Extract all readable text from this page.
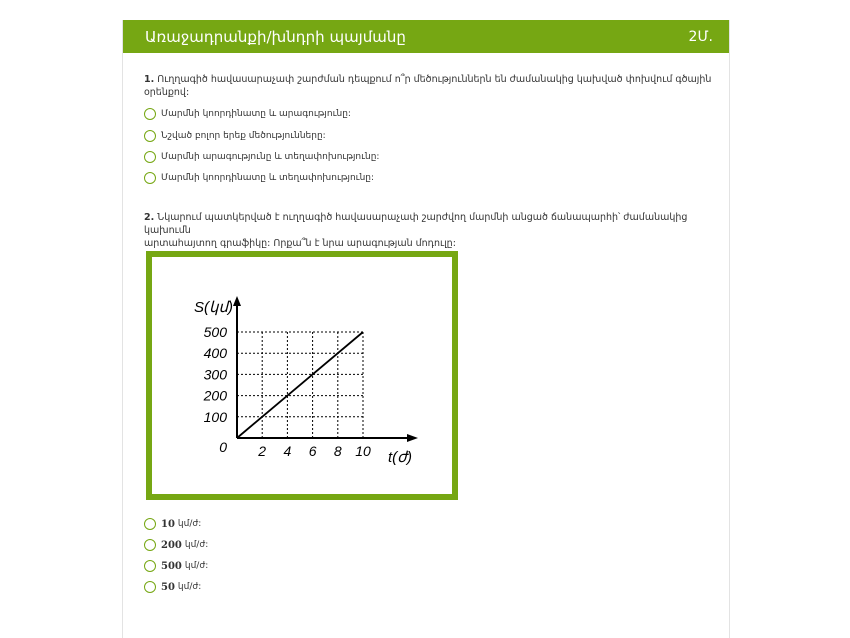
Առաջադրանքի/խնդրի պայմանը	2Մ.
1. Ուղղագիծ հավասարաչափ շարժման դեպքում ո՞ր մեծություններն են ժամանակից կախված փոխվում գծային օրենքով:
Մարմնի կոորդինատը և արագությունը:
Նշված բոլոր երեք մեծությունները:
Մարմնի արագությունը և տեղափոխությունը:
Մարմնի կոորդինատը և տեղափոխությունը:
2. Նկարում պատկերված է ուղղագիծ հավասարաչափ շարժվող մարմնի անցած ճանապարհի՝ ժամանակից կախումն
արտահայտող գրաֆիկը: Որքա՞ն է նրա արագության մոդուլը:
100
200
300
400
500
2 4 6 8 10
0
S(կմ)
t(ժ)
10 կմ/ժ:
200 կմ/ժ:
500 կմ/ժ:
50 կմ/ժ:
